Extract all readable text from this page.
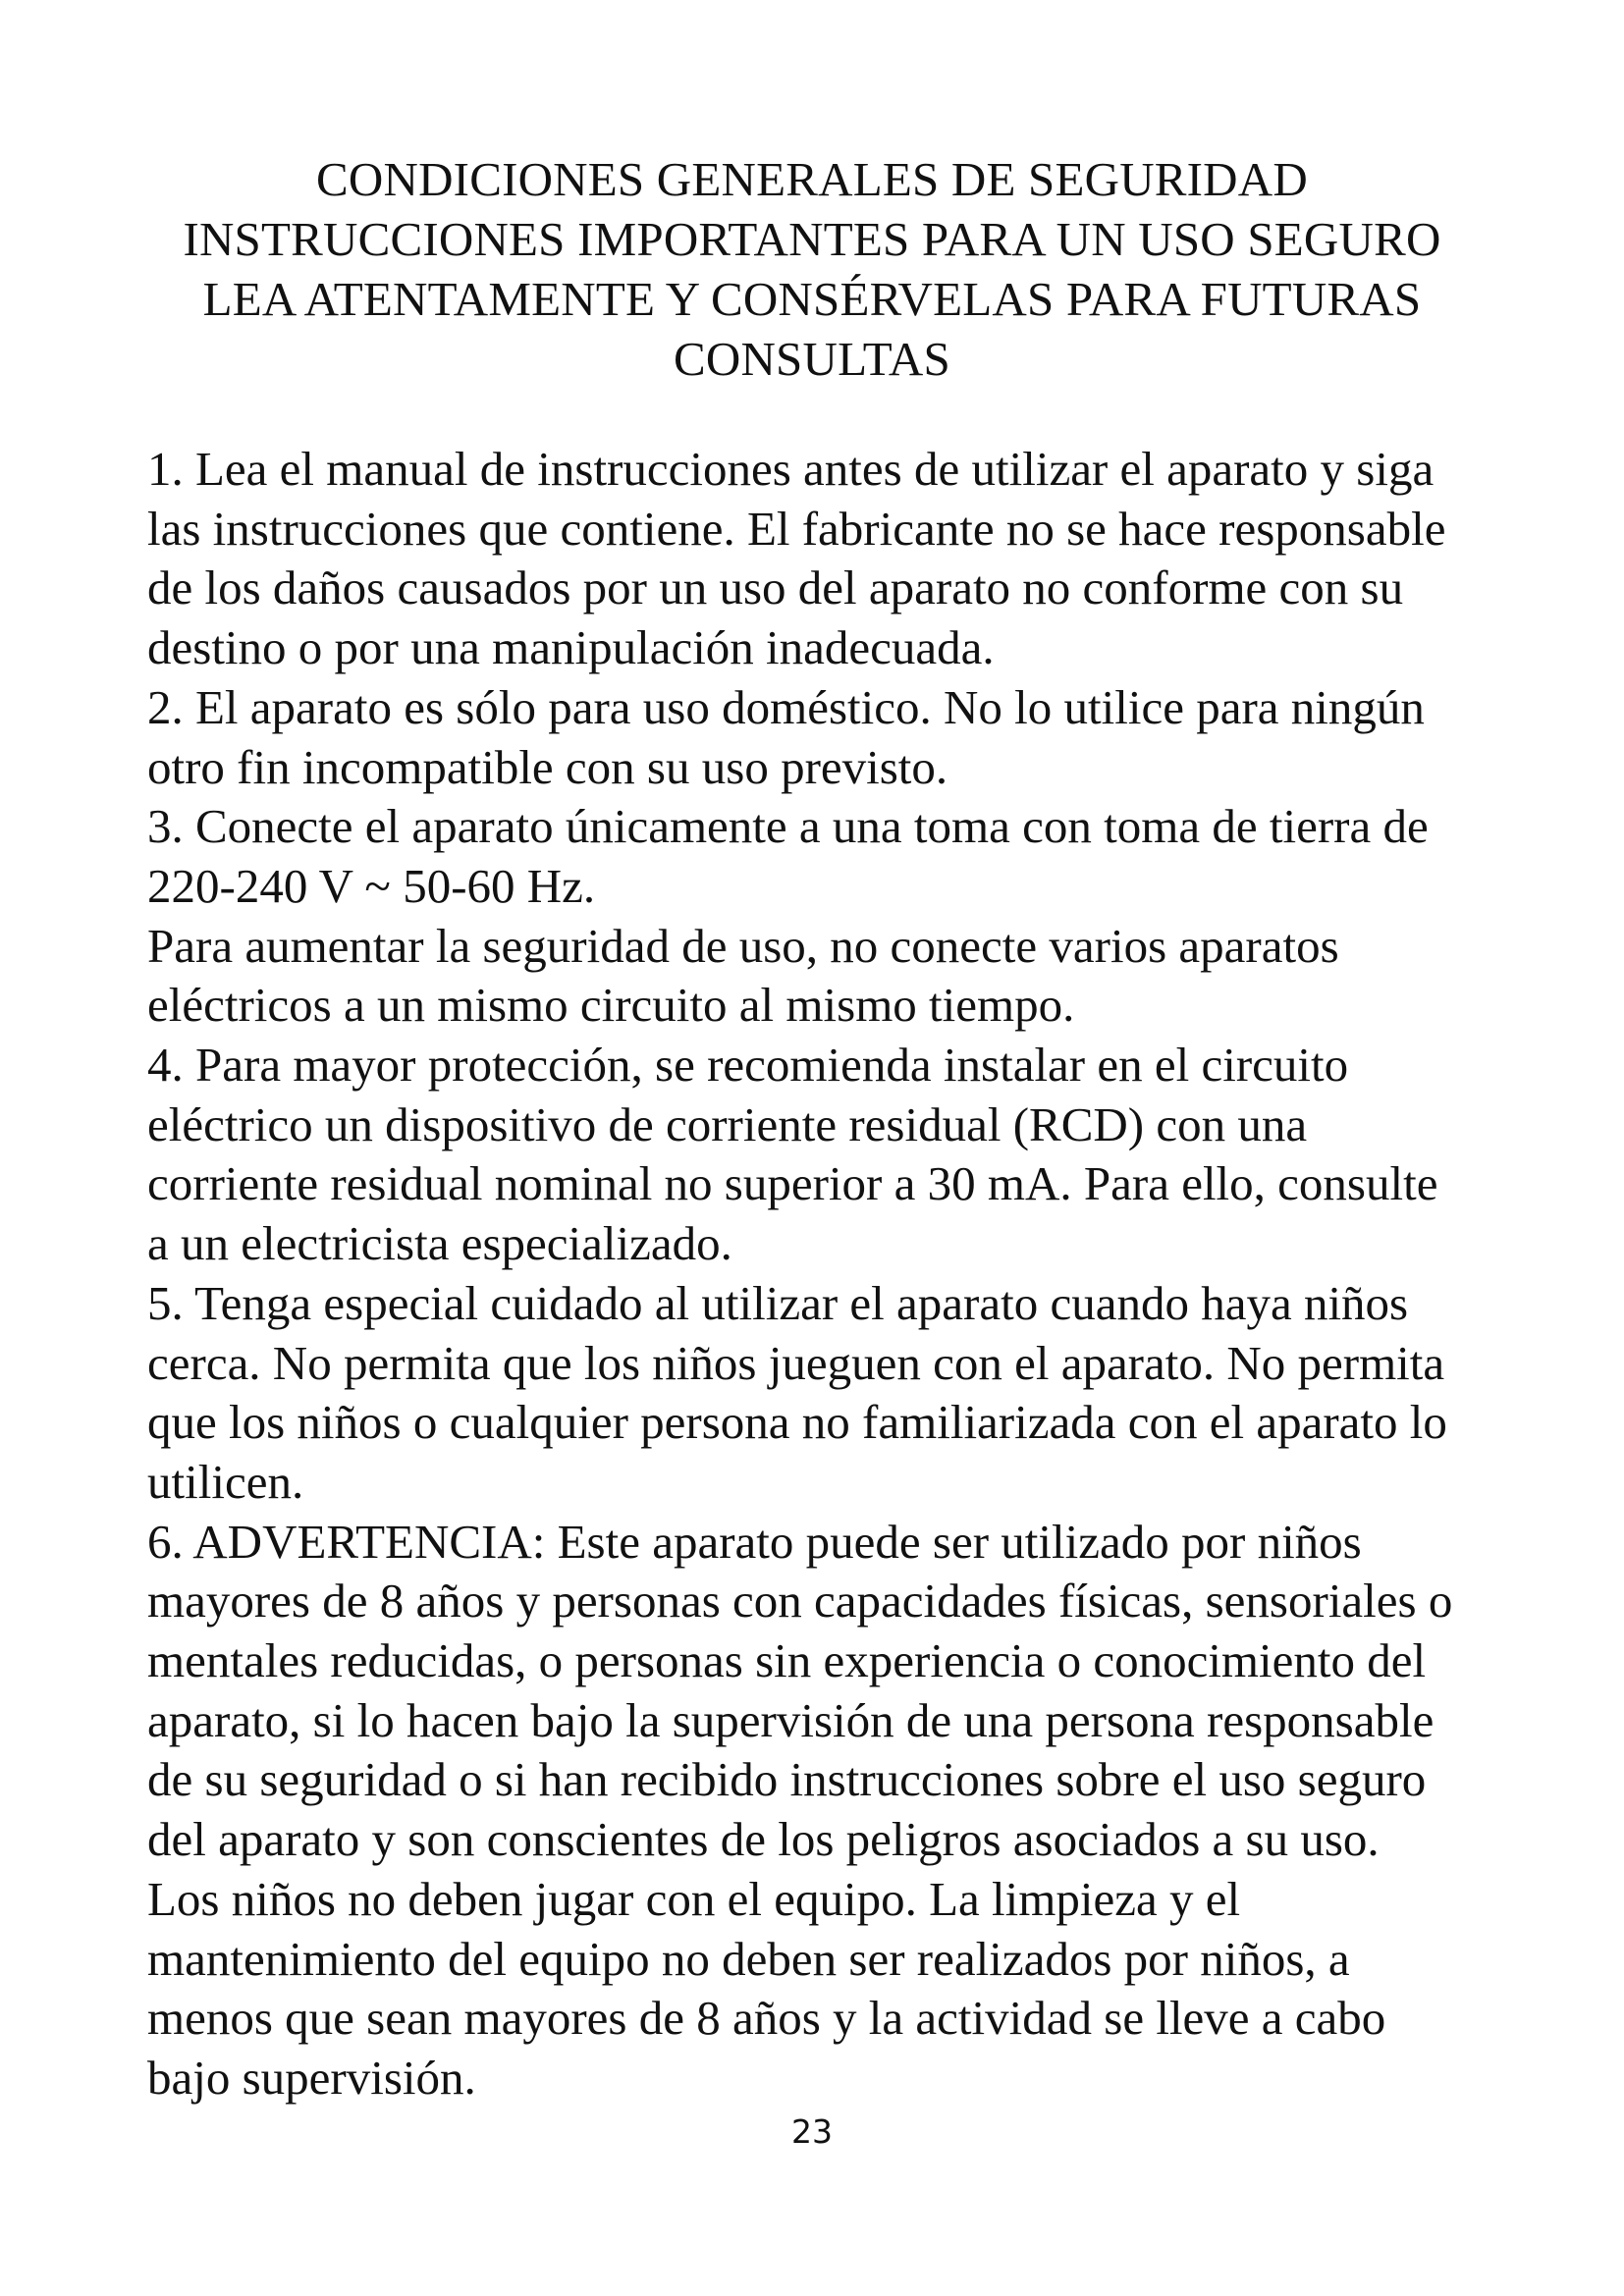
CONDICIONES GENERALES DE SEGURIDAD
INSTRUCCIONES IMPORTANTES PARA UN USO SEGURO
LEA ATENTAMENTE Y CONSÉRVELAS PARA FUTURAS
CONSULTAS
1. Lea el manual de instrucciones antes de utilizar el aparato y siga
las instrucciones que contiene. El fabricante no se hace responsable
de los daños causados por un uso del aparato no conforme con su
destino o por una manipulación inadecuada.
2. El aparato es sólo para uso doméstico. No lo utilice para ningún
otro fin incompatible con su uso previsto.
3. Conecte el aparato únicamente a una toma con toma de tierra de
220-240 V ~ 50-60 Hz.
Para aumentar la seguridad de uso, no conecte varios aparatos
eléctricos a un mismo circuito al mismo tiempo.
4. Para mayor protección, se recomienda instalar en el circuito
eléctrico un dispositivo de corriente residual (RCD) con una
corriente residual nominal no superior a 30 mA. Para ello, consulte
a un electricista especializado.
5. Tenga especial cuidado al utilizar el aparato cuando haya niños
cerca. No permita que los niños jueguen con el aparato. No permita
que los niños o cualquier persona no familiarizada con el aparato lo
utilicen.
6. ADVERTENCIA: Este aparato puede ser utilizado por niños
mayores de 8 años y personas con capacidades físicas, sensoriales o
mentales reducidas, o personas sin experiencia o conocimiento del
aparato, si lo hacen bajo la supervisión de una persona responsable
de su seguridad o si han recibido instrucciones sobre el uso seguro
del aparato y son conscientes de los peligros asociados a su uso.
Los niños no deben jugar con el equipo. La limpieza y el
mantenimiento del equipo no deben ser realizados por niños, a
menos que sean mayores de 8 años y la actividad se lleve a cabo
bajo supervisión.
23
